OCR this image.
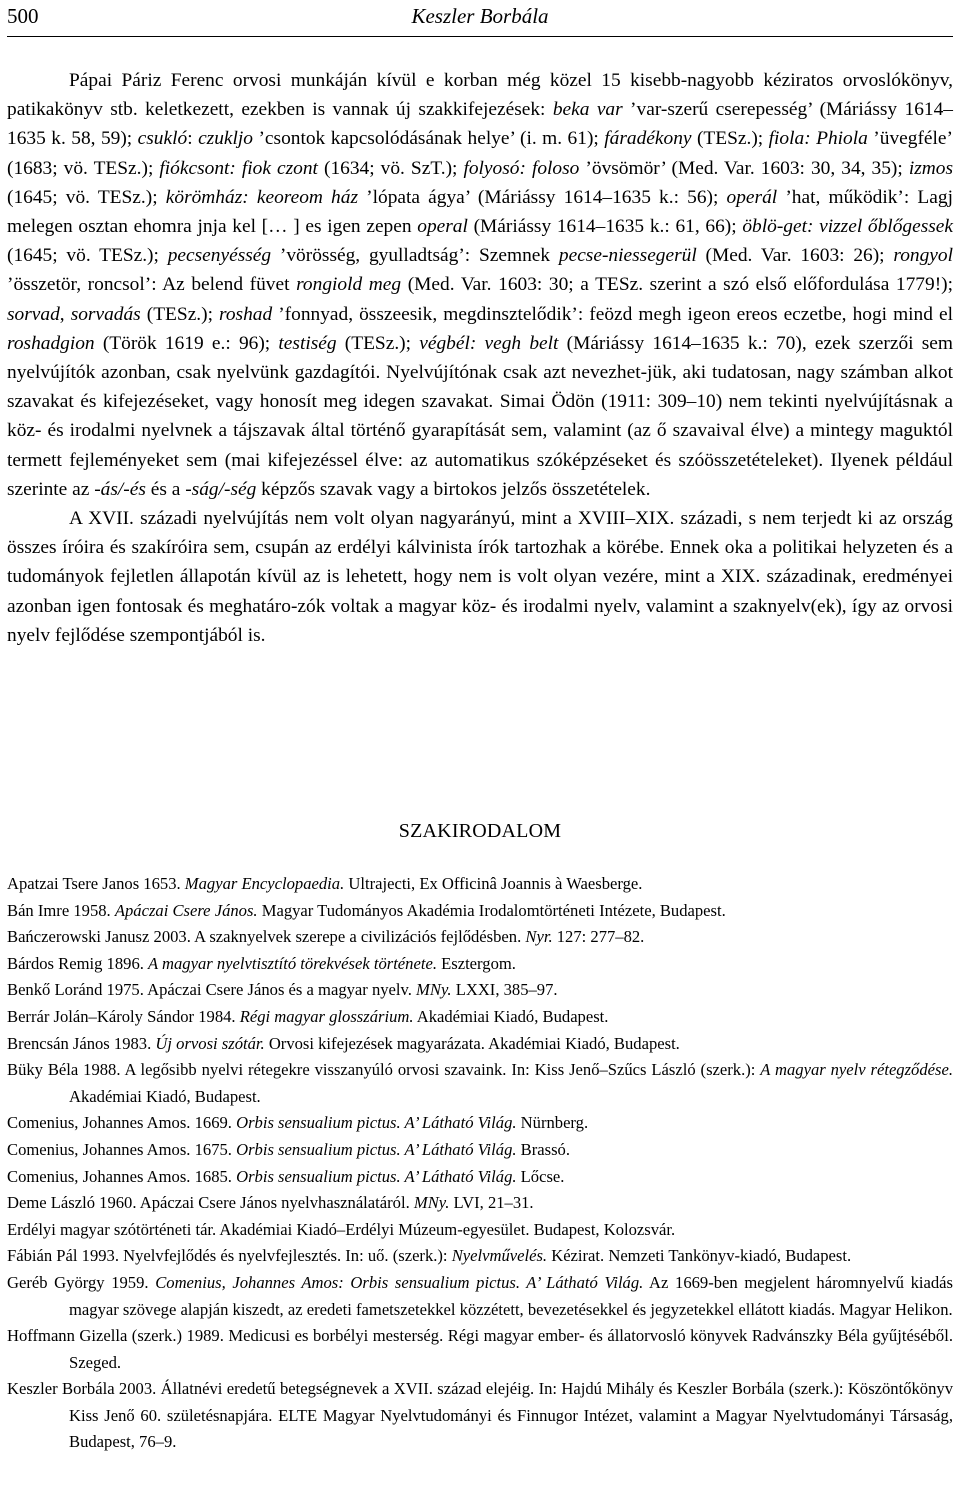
500	Keszler Borbála

Pápai Páriz Ferenc orvosi munkáján kívül e korban még közel 15 kisebb-nagyobb kéziratos orvoslókönyv, patikakönyv stb. keletkezett, ezekben is vannak új szakkifejezések: beka var ’var-szerű cserepesség’ (Máriássy 1614–1635 k. 58, 59); csukló: czukljo ’csontok kapcsolódásának helye’ (i. m. 61); fáradékony (TESz.); fiola: Phiola ’üvegféle’ (1683; vö. TESz.); fiókcsont: fiok czont (1634; vö. SzT.); folyosó: foloso ’övsömör’ (Med. Var. 1603: 30, 34, 35); izmos (1645; vö. TESz.); körömház: keoreom ház ’lópata ágya’ (Máriássy 1614–1635 k.: 56); operál ’hat, működik’: Lagj melegen osztan ehomra jnja kel [… ] es igen zepen operal (Máriássy 1614–1635 k.: 61, 66); öblö-get: vizzel őblőgessek (1645; vö. TESz.); pecsenyésség ’vörösség, gyulladtság’: Szemnek pecse-niessegerül (Med. Var. 1603: 26); rongyol ’összetör, roncsol’: Az belend füvet rongiold meg (Med. Var. 1603: 30; a TESz. szerint a szó első előfordulása 1779!); sorvad, sorvadás (TESz.); roshad ’fonnyad, összeesik, megdinsztelődik’: feözd megh igeon ereos eczetbe, hogi mind el roshadgion (Török 1619 e.: 96); testiség (TESz.); végbél: vegh belt (Máriássy 1614–1635 k.: 70), ezek szerzői sem nyelvújítók azonban, csak nyelvünk gazdagítói. Nyelvújítónak csak azt nevezhet-jük, aki tudatosan, nagy számban alkot szavakat és kifejezéseket, vagy honosít meg idegen szavakat. Simai Ödön (1911: 309–10) nem tekinti nyelvújításnak a köz- és irodalmi nyelvnek a tájszavak által történő gyarapítását sem, valamint (az ő szavaival élve) a mintegy maguktól termett fejleményeket sem (mai kifejezéssel élve: az automatikus szóképzéseket és szóösszetételeket). Ilyenek például szerinte az -ás/-és és a -ság/-ség képzős szavak vagy a birtokos jelzős összetételek.

A XVII. századi nyelvújítás nem volt olyan nagyarányú, mint a XVIII–XIX. századi, s nem terjedt ki az ország összes íróira és szakíróira sem, csupán az erdélyi kálvinista írók tartozhak a körébe. Ennek oka a politikai helyzeten és a tudományok fejletlen állapotán kívül az is lehetett, hogy nem is volt olyan vezére, mint a XIX. századinak, eredményei azonban igen fontosak és meghatáro-zók voltak a magyar köz- és irodalmi nyelv, valamint a szaknyelv(ek), így az orvosi nyelv fejlődése szempontjából is.

SZAKIRODALOM

Apatzai Tsere Janos 1653. Magyar Encyclopaedia. Ultrajecti, Ex Officinâ Joannis à Waesberge.

Bán Imre 1958. Apáczai Csere János. Magyar Tudományos Akadémia Irodalomtörténeti Intézete, Budapest.

Bańczerowski Janusz 2003. A szaknyelvek szerepe a civilizációs fejlődésben. Nyr. 127: 277–82.

Bárdos Remig 1896. A magyar nyelvtisztító törekvések története. Esztergom.

Benkő Loránd 1975. Apáczai Csere János és a magyar nyelv. MNy. LXXI, 385–97.

Berrár Jolán–Károly Sándor 1984. Régi magyar glosszárium. Akadémiai Kiadó, Budapest.

Brencsán János 1983. Új orvosi szótár. Orvosi kifejezések magyarázata. Akadémiai Kiadó, Budapest.

Büky Béla 1988. A legősibb nyelvi rétegekre visszanyúló orvosi szavaink. In: Kiss Jenő–Szűcs László (szerk.): A magyar nyelv rétegződése. Akadémiai Kiadó, Budapest.

Comenius, Johannes Amos. 1669. Orbis sensualium pictus. A’ Látható Világ. Nürnberg.

Comenius, Johannes Amos. 1675. Orbis sensualium pictus. A’ Látható Világ. Brassó.

Comenius, Johannes Amos. 1685. Orbis sensualium pictus. A’ Látható Világ. Lőcse.

Deme László 1960. Apáczai Csere János nyelvhasználatáról. MNy. LVI, 21–31.

Erdélyi magyar szótörténeti tár. Akadémiai Kiadó–Erdélyi Múzeum-egyesület. Budapest, Kolozsvár.

Fábián Pál 1993. Nyelvfejlődés és nyelvfejlesztés. In: uő. (szerk.): Nyelvművelés. Kézirat. Nemzeti Tankönyv-kiadó, Budapest.

Geréb György 1959. Comenius, Johannes Amos: Orbis sensualium pictus. A’ Látható Világ. Az 1669-ben megjelent háromnyelvű kiadás magyar szövege alapján kiszedt, az eredeti fametszetekkel közzétett, bevezetésekkel és jegyzetekkel ellátott kiadás. Magyar Helikon.

Hoffmann Gizella (szerk.) 1989. Medicusi es borbélyi mesterség. Régi magyar ember- és állatorvosló könyvek Radvánszky Béla gyűjtéséből. Szeged.

Keszler Borbála 2003. Állatnévi eredetű betegségnevek a XVII. század elejéig. In: Hajdú Mihály és Keszler Borbála (szerk.): Köszöntőkönyv Kiss Jenő 60. születésnapjára. ELTE Magyar Nyelvtudományi és Finnugor Intézet, valamint a Magyar Nyelvtudományi Társaság, Budapest, 76–9.
